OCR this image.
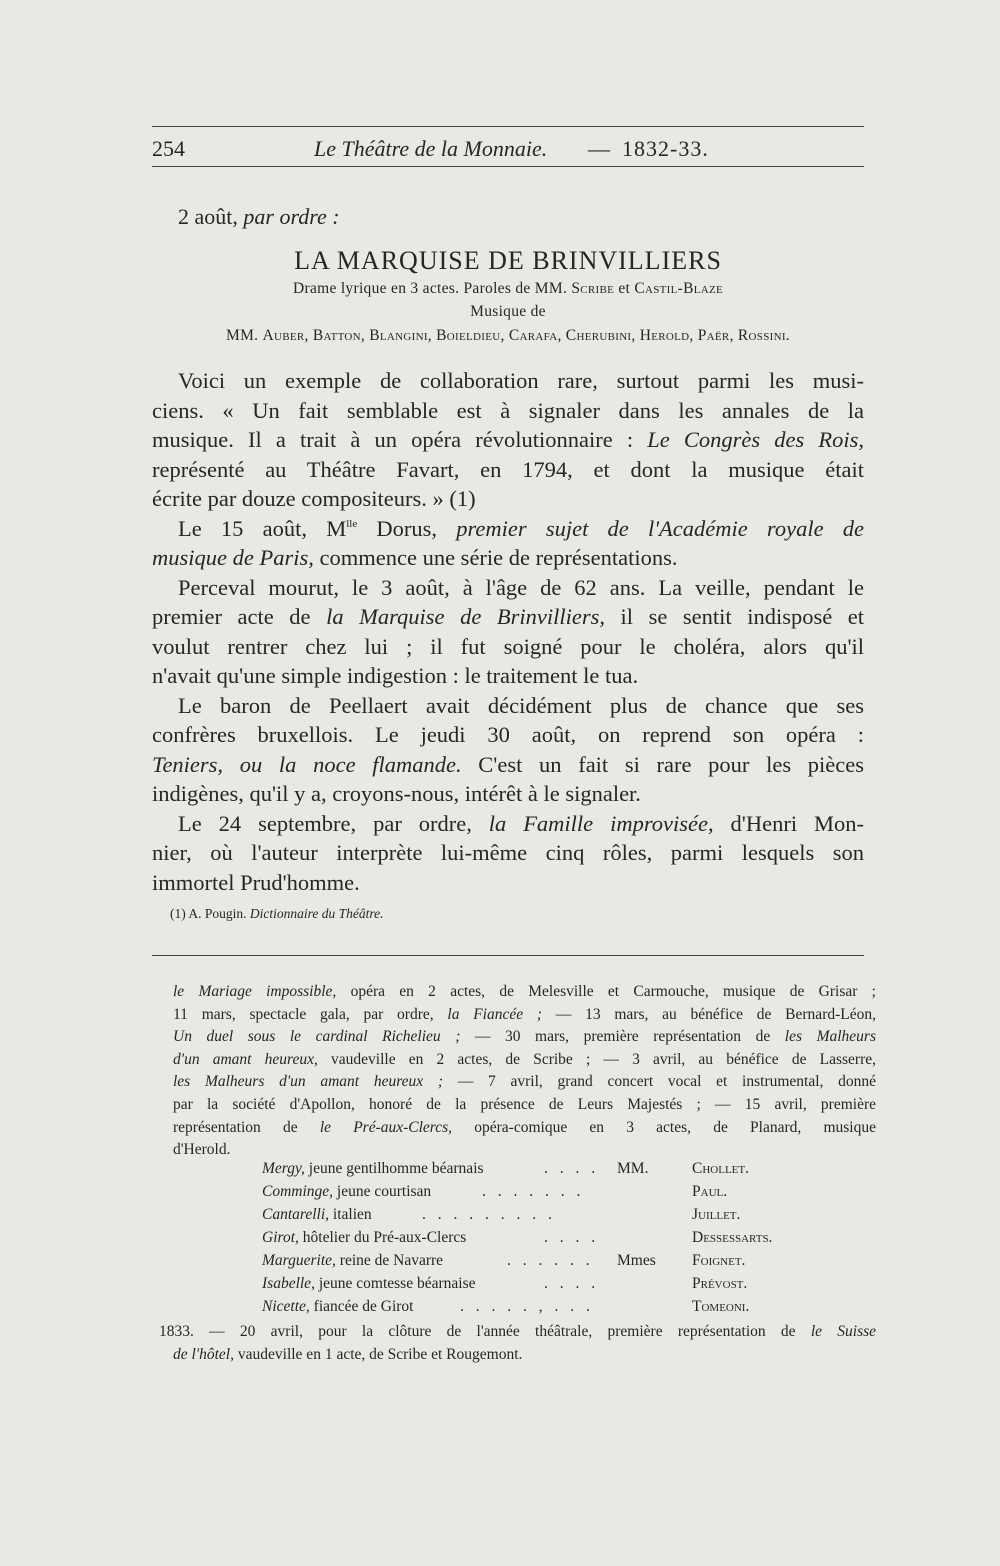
254	Le Théâtre de la Monnaie. — 1832-33.
2 août, par ordre :
LA MARQUISE DE BRINVILLIERS
Drame lyrique en 3 actes. Paroles de MM. Scribe et Castil-Blaze
Musique de
MM. Auber, Batton, Blangini, Boieldieu, Carafa, Cherubini, Herold, Paër, Rossini.

Voici un exemple de collaboration rare, surtout parmi les musi-

ciens. « Un fait semblable est à signaler dans les annales de la

musique. Il a trait à un opéra révolutionnaire : Le Congrès des Rois,

représenté au Théâtre Favart, en 1794, et dont la musique était

écrite par douze compositeurs. » (1)

Le 15 août, $M^{lle}$ Dorus, premier sujet de l'Académie royale de

musique de Paris, commence une série de représentations.

Perceval mourut, le 3 août, à l'âge de 62 ans. La veille, pendant le

premier acte de la Marquise de Brinvilliers, il se sentit indisposé et

voulut rentrer chez lui ; il fut soigné pour le choléra, alors qu'il

n'avait qu'une simple indigestion : le traitement le tua.

Le baron de Peellaert avait décidément plus de chance que ses

confrères bruxellois. Le jeudi 30 août, on reprend son opéra :

Teniers, ou la noce flamande. C'est un fait si rare pour les pièces

indigènes, qu'il y a, croyons-nous, intérêt à le signaler.

Le 24 septembre, par ordre, la Famille improvisée, d'Henri Mon-

nier, où l'auteur interprète lui-même cinq rôles, parmi lesquels son

immortel Prud'homme.

(1) A. Pougin. Dictionnaire du Théâtre.

le Mariage impossible, opéra en 2 actes, de Melesville et Carmouche, musique de Grisar ;

11 mars, spectacle gala, par ordre, la Fiancée ; — 13 mars, au bénéfice de Bernard-Léon,

Un duel sous le cardinal Richelieu ; — 30 mars, première représentation de les Malheurs

d'un amant heureux, vaudeville en 2 actes, de Scribe ; — 3 avril, au bénéfice de Lasserre,

les Malheurs d'un amant heureux ; — 7 avril, grand concert vocal et instrumental, donné

par la société d'Apollon, honoré de la présence de Leurs Majestés ; — 15 avril, première

représentation de le Pré-aux-Clercs, opéra-comique en 3 actes, de Planard, musique

d'Herold.

Mergy, jeune gentilhomme béarnais	. . . . MM.	Chollet.
Comminge, jeune courtisan	. . . . . . .	Paul.
Cantarelli, italien	. . . . . . . . .	Juillet.
Girot, hôtelier du Pré-aux-Clercs	. . . .	Dessessarts.
Marguerite, reine de Navarre	. . . . . . Mmes Foignet.
Isabelle, jeune comtesse béarnaise	. . . .	Prévost.
Nicette, fiancée de Girot	. . . . . , . . .	Tomeoni.

1833. — 20 avril, pour la clôture de l'année théâtrale, première représentation de le Suisse

de l'hôtel, vaudeville en 1 acte, de Scribe et Rougemont.
